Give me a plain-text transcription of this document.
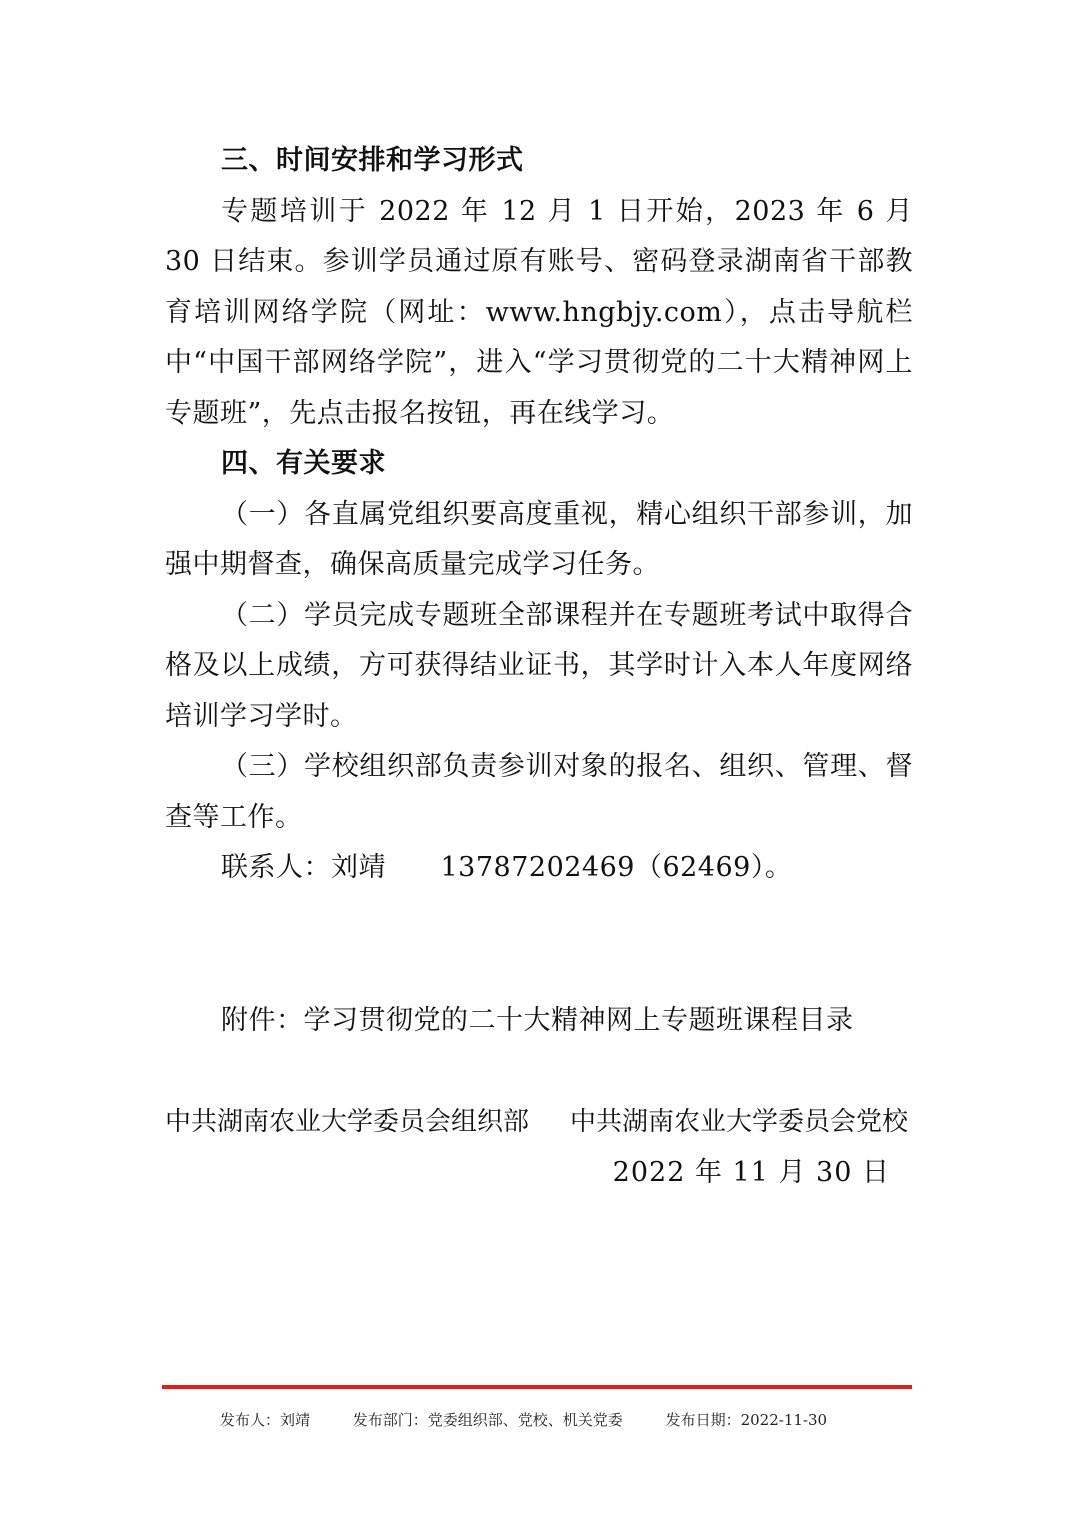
三、时间安排和学习形式

专题培训于 2022 年 12 月 1 日开始，2023 年 6 月 30 日结束。参训学员通过原有账号、密码登录湖南省干部教育培训网络学院（网址：www.hngbjy.com），点击导航栏中“中国干部网络学院”，进入“学习贯彻党的二十大精神网上专题班”，先点击报名按钮，再在线学习。

四、有关要求

（一）各直属党组织要高度重视，精心组织干部参训，加强中期督查，确保高质量完成学习任务。

（二）学员完成专题班全部课程并在专题班考试中取得合格及以上成绩，方可获得结业证书，其学时计入本人年度网络培训学习学时。

（三）学校组织部负责参训对象的报名、组织、管理、督查等工作。

联系人：刘靖      13787202469（62469）。

附件：学习贯彻党的二十大精神网上专题班课程目录
中共湖南农业大学委员会组织部 中共湖南农业大学委员会党校
2022 年 11 月 30 日
发布人：刘靖	发布部门：党委组织部、党校、机关党委	发布日期：2022-11-30
